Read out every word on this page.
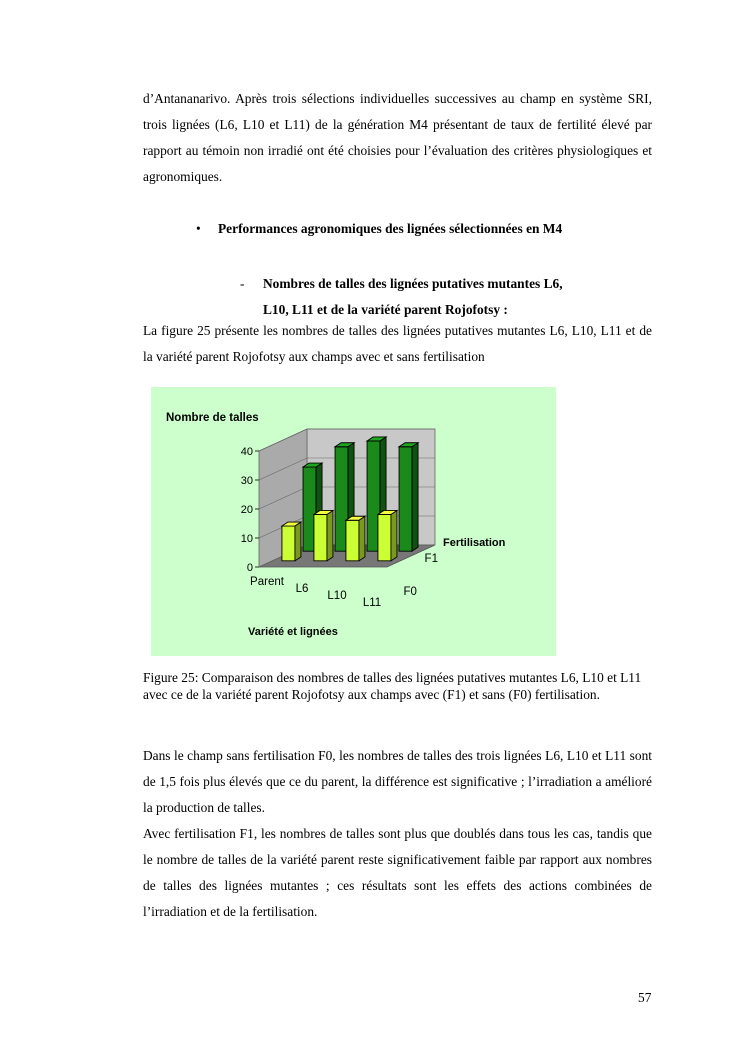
d’Antananarivo. Après trois sélections individuelles successives au champ en système SRI, trois lignées (L6, L10 et L11) de la génération M4 présentant de taux de fertilité élevé par rapport au témoin non irradié ont été choisies pour l’évaluation des critères physiologiques et agronomiques.
• Performances agronomiques des lignées sélectionnées en M4
- Nombres de talles des lignées putatives mutantes L6,
L10, L11 et de la variété parent Rojofotsy :
La figure 25 présente les nombres de talles des lignées putatives mutantes L6, L10, L11 et de la variété parent Rojofotsy aux champs avec et sans fertilisation
0
10
20
30
40
Parent
L6
L10
L11
F1
F0
Nombre de talles
Variété et lignées
Fertilisation
Figure 25: Comparaison des nombres de talles des lignées putatives mutantes L6, L10 et L11 avec ce de la variété parent Rojofotsy aux champs avec (F1) et sans (F0) fertilisation.
Dans le champ sans fertilisation F0, les nombres de talles des trois lignées L6, L10 et L11 sont de 1,5 fois plus élevés que ce du parent, la différence est significative ; l’irradiation a amélioré la production de talles.
Avec fertilisation F1, les nombres de talles sont plus que doublés dans tous les cas, tandis que le nombre de talles de la variété parent reste significativement faible par rapport aux nombres de talles des lignées mutantes ; ces résultats sont les effets des actions combinées de l’irradiation et de la fertilisation.
57
